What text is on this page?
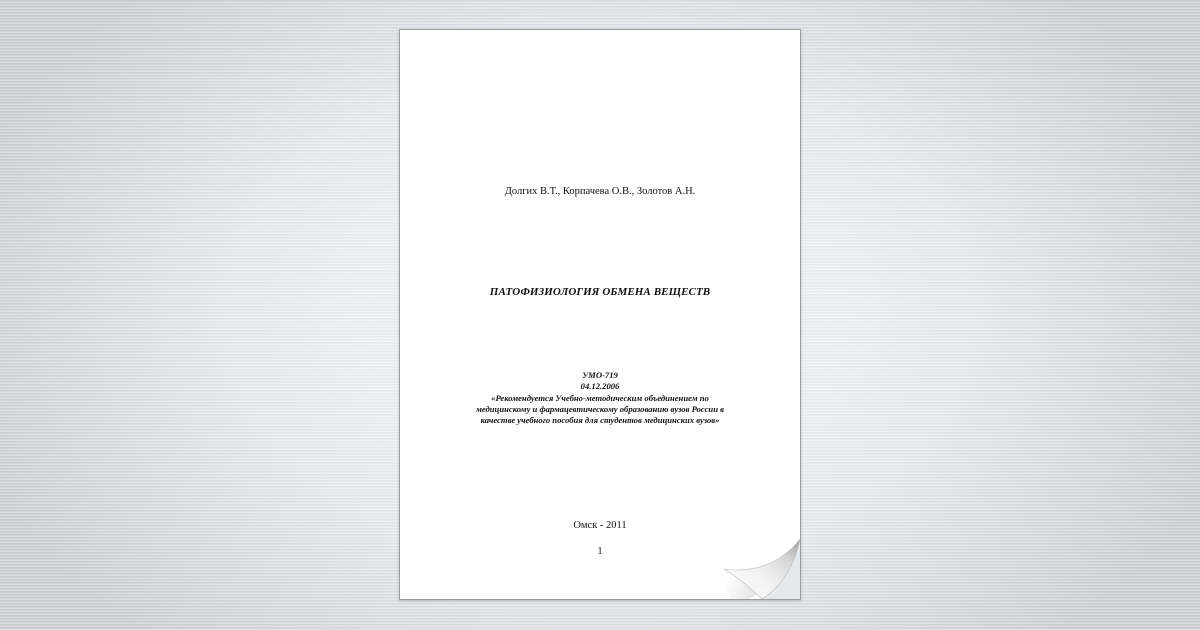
Долгих В.Т., Корпачева О.В., Золотов А.Н.
ПАТОФИЗИОЛОГИЯ ОБМЕНА ВЕЩЕСТВ
УМО-719
04.12.2006
«Рекомендуется Учебно-методическим объединением по
медицинскому и фармацевтическому образованию вузов России в
качестве учебного пособия для студентов медицинских вузов»
Омск - 2011
1
